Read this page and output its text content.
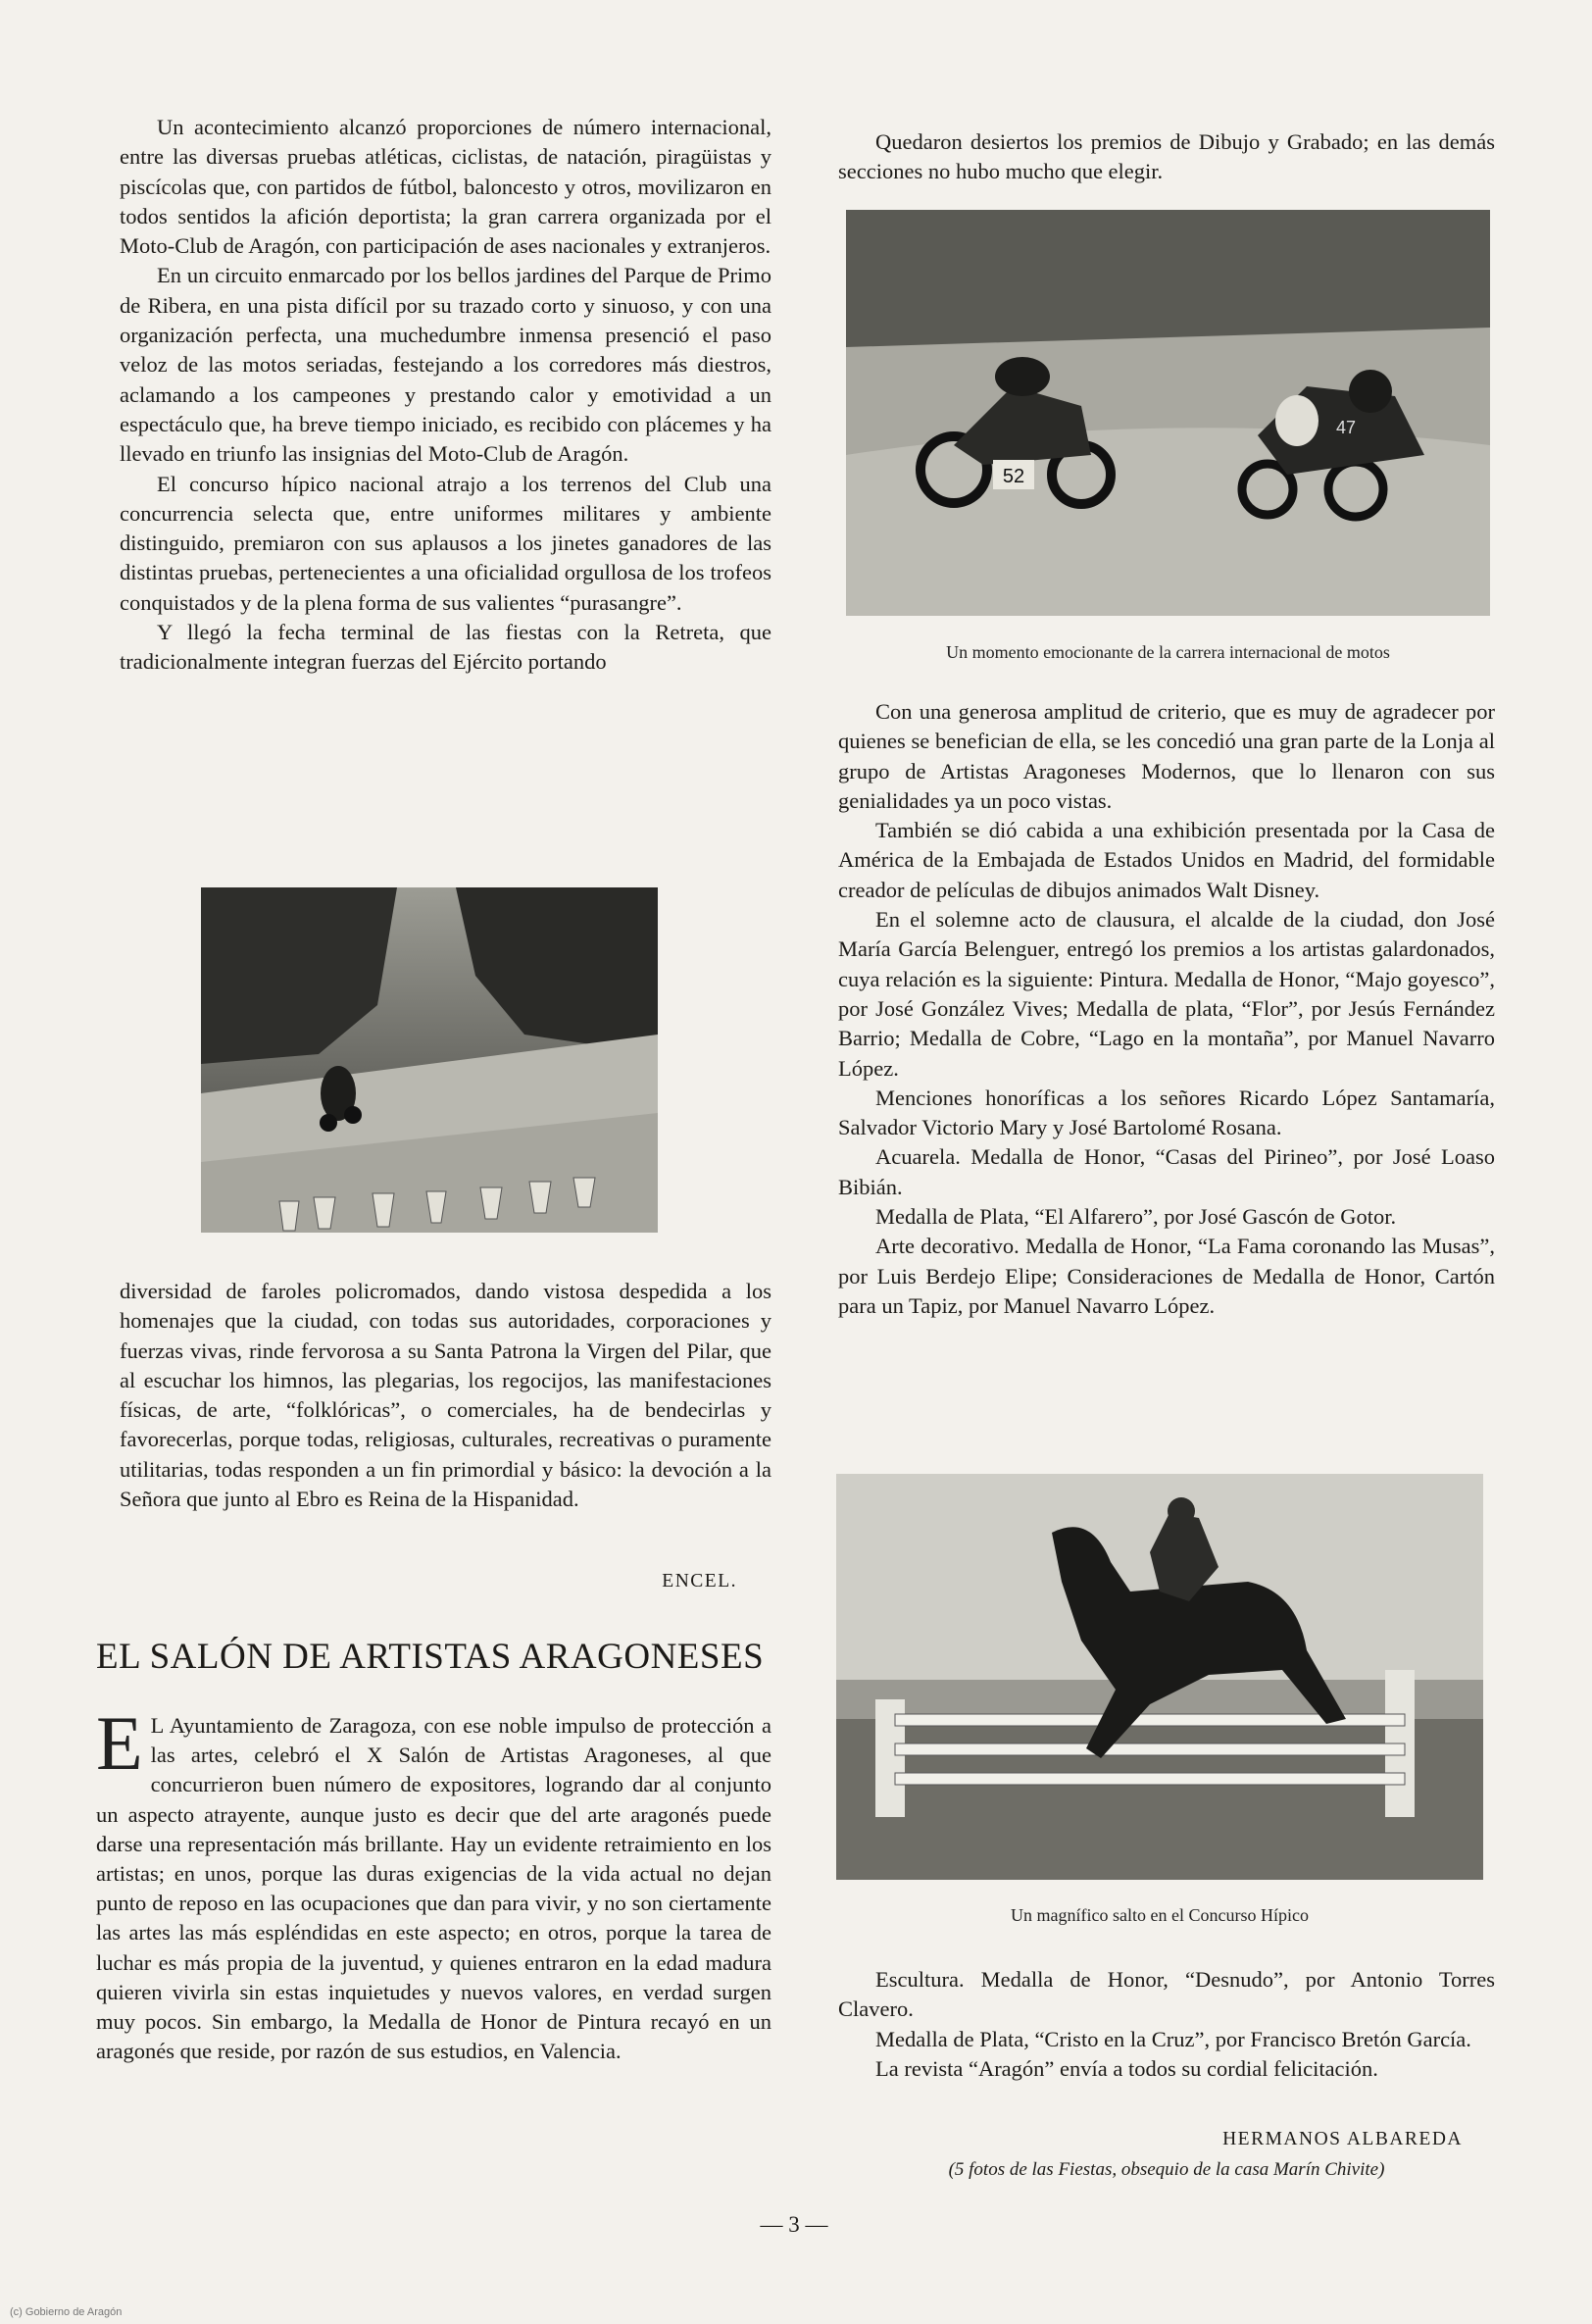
Un acontecimiento alcanzó proporciones de número internacional, entre las diversas pruebas atléticas, ciclistas, de natación, piragüistas y piscícolas que, con partidos de fútbol, baloncesto y otros, movilizaron en todos sentidos la afición deportista; la gran carrera organizada por el Moto-Club de Aragón, con participación de ases nacionales y extranjeros.

En un circuito enmarcado por los bellos jardines del Parque de Primo de Ribera, en una pista difícil por su trazado corto y sinuoso, y con una organización perfecta, una muchedumbre inmensa presenció el paso veloz de las motos seriadas, festejando a los corredores más diestros, aclamando a los campeones y prestando calor y emotividad a un espectáculo que, ha breve tiempo iniciado, es recibido con plácemes y ha llevado en triunfo las insignias del Moto-Club de Aragón.

El concurso hípico nacional atrajo a los terrenos del Club una concurrencia selecta que, entre uniformes militares y ambiente distinguido, premiaron con sus aplausos a los jinetes ganadores de las distintas pruebas, pertenecientes a una oficialidad orgullosa de los trofeos conquistados y de la plena forma de sus valientes “purasangre”.

Y llegó la fecha terminal de las fiestas con la Retreta, que tradicionalmente integran fuerzas del Ejército portando

diversidad de faroles policromados, dando vistosa despedida a los homenajes que la ciudad, con todas sus autoridades, corporaciones y fuerzas vivas, rinde fervorosa a su Santa Patrona la Virgen del Pilar, que al escuchar los himnos, las plegarias, los regocijos, las manifestaciones físicas, de arte, “folklóricas”, o comerciales, ha de bendecirlas y favorecerlas, porque todas, religiosas, culturales, recreativas o puramente utilitarias, todas responden a un fin primordial y básico: la devoción a la Señora que junto al Ebro es Reina de la Hispanidad.

ENCEL.
EL SALÓN DE ARTISTAS ARAGONESES
E L Ayuntamiento de Zaragoza, con ese noble impulso de protección a las artes, celebró el X Salón de Artistas Aragoneses, al que concurrieron buen número de expositores, logrando dar al conjunto un aspecto atrayente, aunque justo es decir que del arte aragonés puede darse una representación más brillante. Hay un evidente retraimiento en los artistas; en unos, porque las duras exigencias de la vida actual no dejan punto de reposo en las ocupaciones que dan para vivir, y no son ciertamente las artes las más espléndidas en este aspecto; en otros, porque la tarea de luchar es más propia de la juventud, y quienes entraron en la edad madura quieren vivirla sin estas inquietudes y nuevos valores, en verdad surgen muy pocos. Sin embargo, la Medalla de Honor de Pintura recayó en un aragonés que reside, por razón de sus estudios, en Valencia.

Quedaron desiertos los premios de Dibujo y Grabado; en las demás secciones no hubo mucho que elegir.

52
47
Un momento emocionante de la carrera internacional de motos

Con una generosa amplitud de criterio, que es muy de agradecer por quienes se benefician de ella, se les concedió una gran parte de la Lonja al grupo de Artistas Aragoneses Modernos, que lo llenaron con sus genialidades ya un poco vistas.

También se dió cabida a una exhibición presentada por la Casa de América de la Embajada de Estados Unidos en Madrid, del formidable creador de películas de dibujos animados Walt Disney.

En el solemne acto de clausura, el alcalde de la ciudad, don José María García Belenguer, entregó los premios a los artistas galardonados, cuya relación es la siguiente: Pintura. Medalla de Honor, “Majo goyesco”, por José González Vives; Medalla de plata, “Flor”, por Jesús Fernández Barrio; Medalla de Cobre, “Lago en la montaña”, por Manuel Navarro López.

Menciones honoríficas a los señores Ricardo López Santamaría, Salvador Victorio Mary y José Bartolomé Rosana.

Acuarela. Medalla de Honor, “Casas del Pirineo”, por José Loaso Bibián.

Medalla de Plata, “El Alfarero”, por José Gascón de Gotor.

Arte decorativo. Medalla de Honor, “La Fama coronando las Musas”, por Luis Berdejo Elipe; Consideraciones de Medalla de Honor, Cartón para un Tapiz, por Manuel Navarro López.

Un magnífico salto en el Concurso Hípico

Escultura. Medalla de Honor, “Desnudo”, por Antonio Torres Clavero.

Medalla de Plata, “Cristo en la Cruz”, por Francisco Bretón García.

La revista “Aragón” envía a todos su cordial felicitación.

HERMANOS ALBAREDA
(5 fotos de las Fiestas, obsequio de la casa Marín Chivite)
— 3 —
(c) Gobierno de Aragón
